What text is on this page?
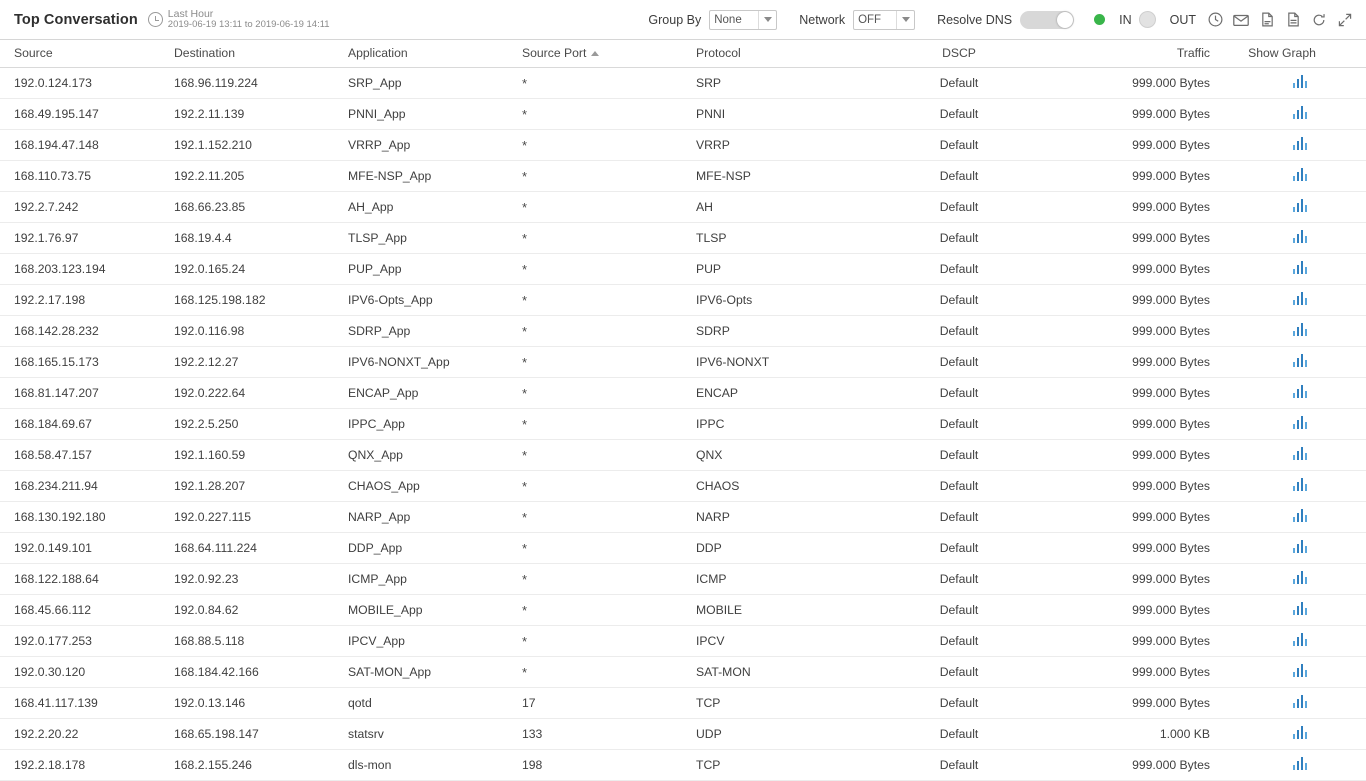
Top Conversation	Last Hour
2019-06-19 13:11 to 2019-06-19 14:11	Group By None	Network OFF	Resolve DNS	IN	OUT
Source	Destination	Application	Source Port	Protocol	DSCP	Traffic	Show Graph
192.0.124.173	168.96.119.224	SRP_App	*	SRP	Default	999.000 Bytes	

168.49.195.147	192.2.11.139	PNNI_App	*	PNNI	Default	999.000 Bytes	

168.194.47.148	192.1.152.210	VRRP_App	*	VRRP	Default	999.000 Bytes	

168.110.73.75	192.2.11.205	MFE-NSP_App	*	MFE-NSP	Default	999.000 Bytes	

192.2.7.242	168.66.23.85	AH_App	*	AH	Default	999.000 Bytes	

192.1.76.97	168.19.4.4	TLSP_App	*	TLSP	Default	999.000 Bytes	

168.203.123.194	192.0.165.24	PUP_App	*	PUP	Default	999.000 Bytes	

192.2.17.198	168.125.198.182	IPV6-Opts_App	*	IPV6-Opts	Default	999.000 Bytes	

168.142.28.232	192.0.116.98	SDRP_App	*	SDRP	Default	999.000 Bytes	

168.165.15.173	192.2.12.27	IPV6-NONXT_App	*	IPV6-NONXT	Default	999.000 Bytes	

168.81.147.207	192.0.222.64	ENCAP_App	*	ENCAP	Default	999.000 Bytes	

168.184.69.67	192.2.5.250	IPPC_App	*	IPPC	Default	999.000 Bytes	

168.58.47.157	192.1.160.59	QNX_App	*	QNX	Default	999.000 Bytes	

168.234.211.94	192.1.28.207	CHAOS_App	*	CHAOS	Default	999.000 Bytes	

168.130.192.180	192.0.227.115	NARP_App	*	NARP	Default	999.000 Bytes	

192.0.149.101	168.64.111.224	DDP_App	*	DDP	Default	999.000 Bytes	

168.122.188.64	192.0.92.23	ICMP_App	*	ICMP	Default	999.000 Bytes	

168.45.66.112	192.0.84.62	MOBILE_App	*	MOBILE	Default	999.000 Bytes	

192.0.177.253	168.88.5.118	IPCV_App	*	IPCV	Default	999.000 Bytes	

192.0.30.120	168.184.42.166	SAT-MON_App	*	SAT-MON	Default	999.000 Bytes	

168.41.117.139	192.0.13.146	qotd	17	TCP	Default	999.000 Bytes	

192.2.20.22	168.65.198.147	statsrv	133	UDP	Default	1.000 KB	

192.2.18.178	168.2.155.246	dls-mon	198	TCP	Default	999.000 Bytes	
